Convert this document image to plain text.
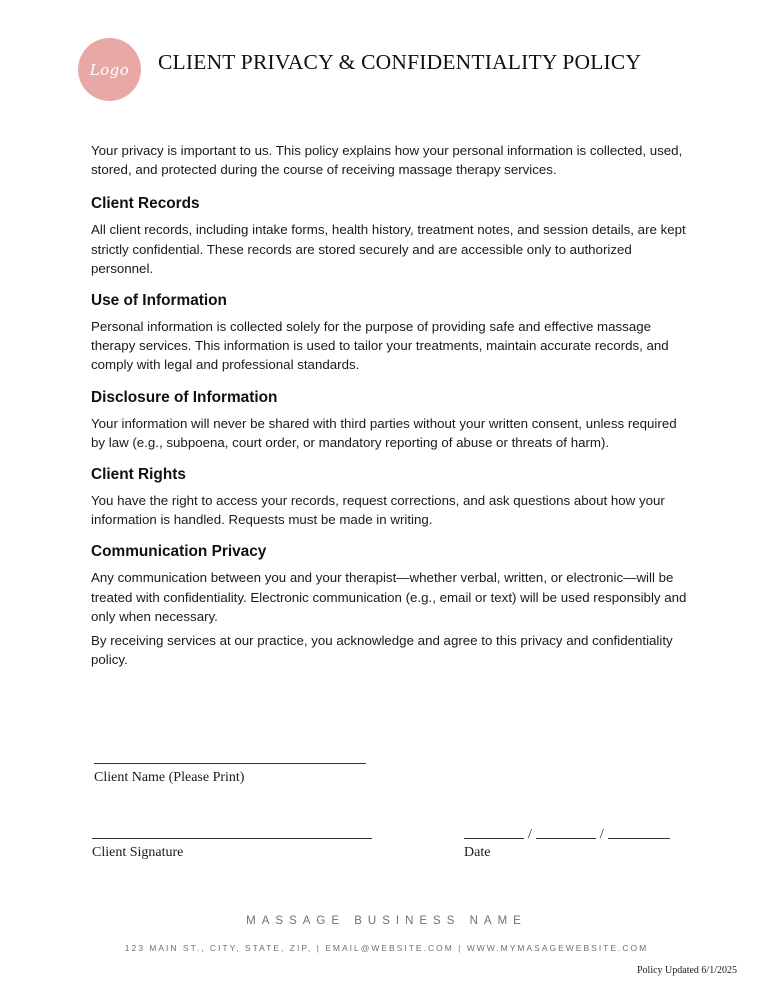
Logo CLIENT PRIVACY & CONFIDENTIALITY POLICY

Your privacy is important to us. This policy explains how your personal information is collected, used, stored, and protected during the course of receiving massage therapy services.

Client Records

All client records, including intake forms, health history, treatment notes, and session details, are kept strictly confidential. These records are stored securely and are accessible only to authorized personnel.

Use of Information

Personal information is collected solely for the purpose of providing safe and effective massage therapy services. This information is used to tailor your treatments, maintain accurate records, and comply with legal and professional standards.

Disclosure of Information

Your information will never be shared with third parties without your written consent, unless required by law (e.g., subpoena, court order, or mandatory reporting of abuse or threats of harm).

Client Rights

You have the right to access your records, request corrections, and ask questions about how your information is handled. Requests must be made in writing.

Communication Privacy

Any communication between you and your therapist—whether verbal, written, or electronic—will be treated with confidentiality. Electronic communication (e.g., email or text) will be used responsibly and only when necessary.

By receiving services at our practice, you acknowledge and agree to this privacy and confidentiality policy.

Client Name (Please Print)
Client Signature
/	/
Date
MASSAGE BUSINESS NAME
123 MAIN ST., CITY, STATE, ZIP, | EMAIL@WEBSITE.COM | WWW.MYMASAGEWEBSITE.COM
Policy Updated 6/1/2025
